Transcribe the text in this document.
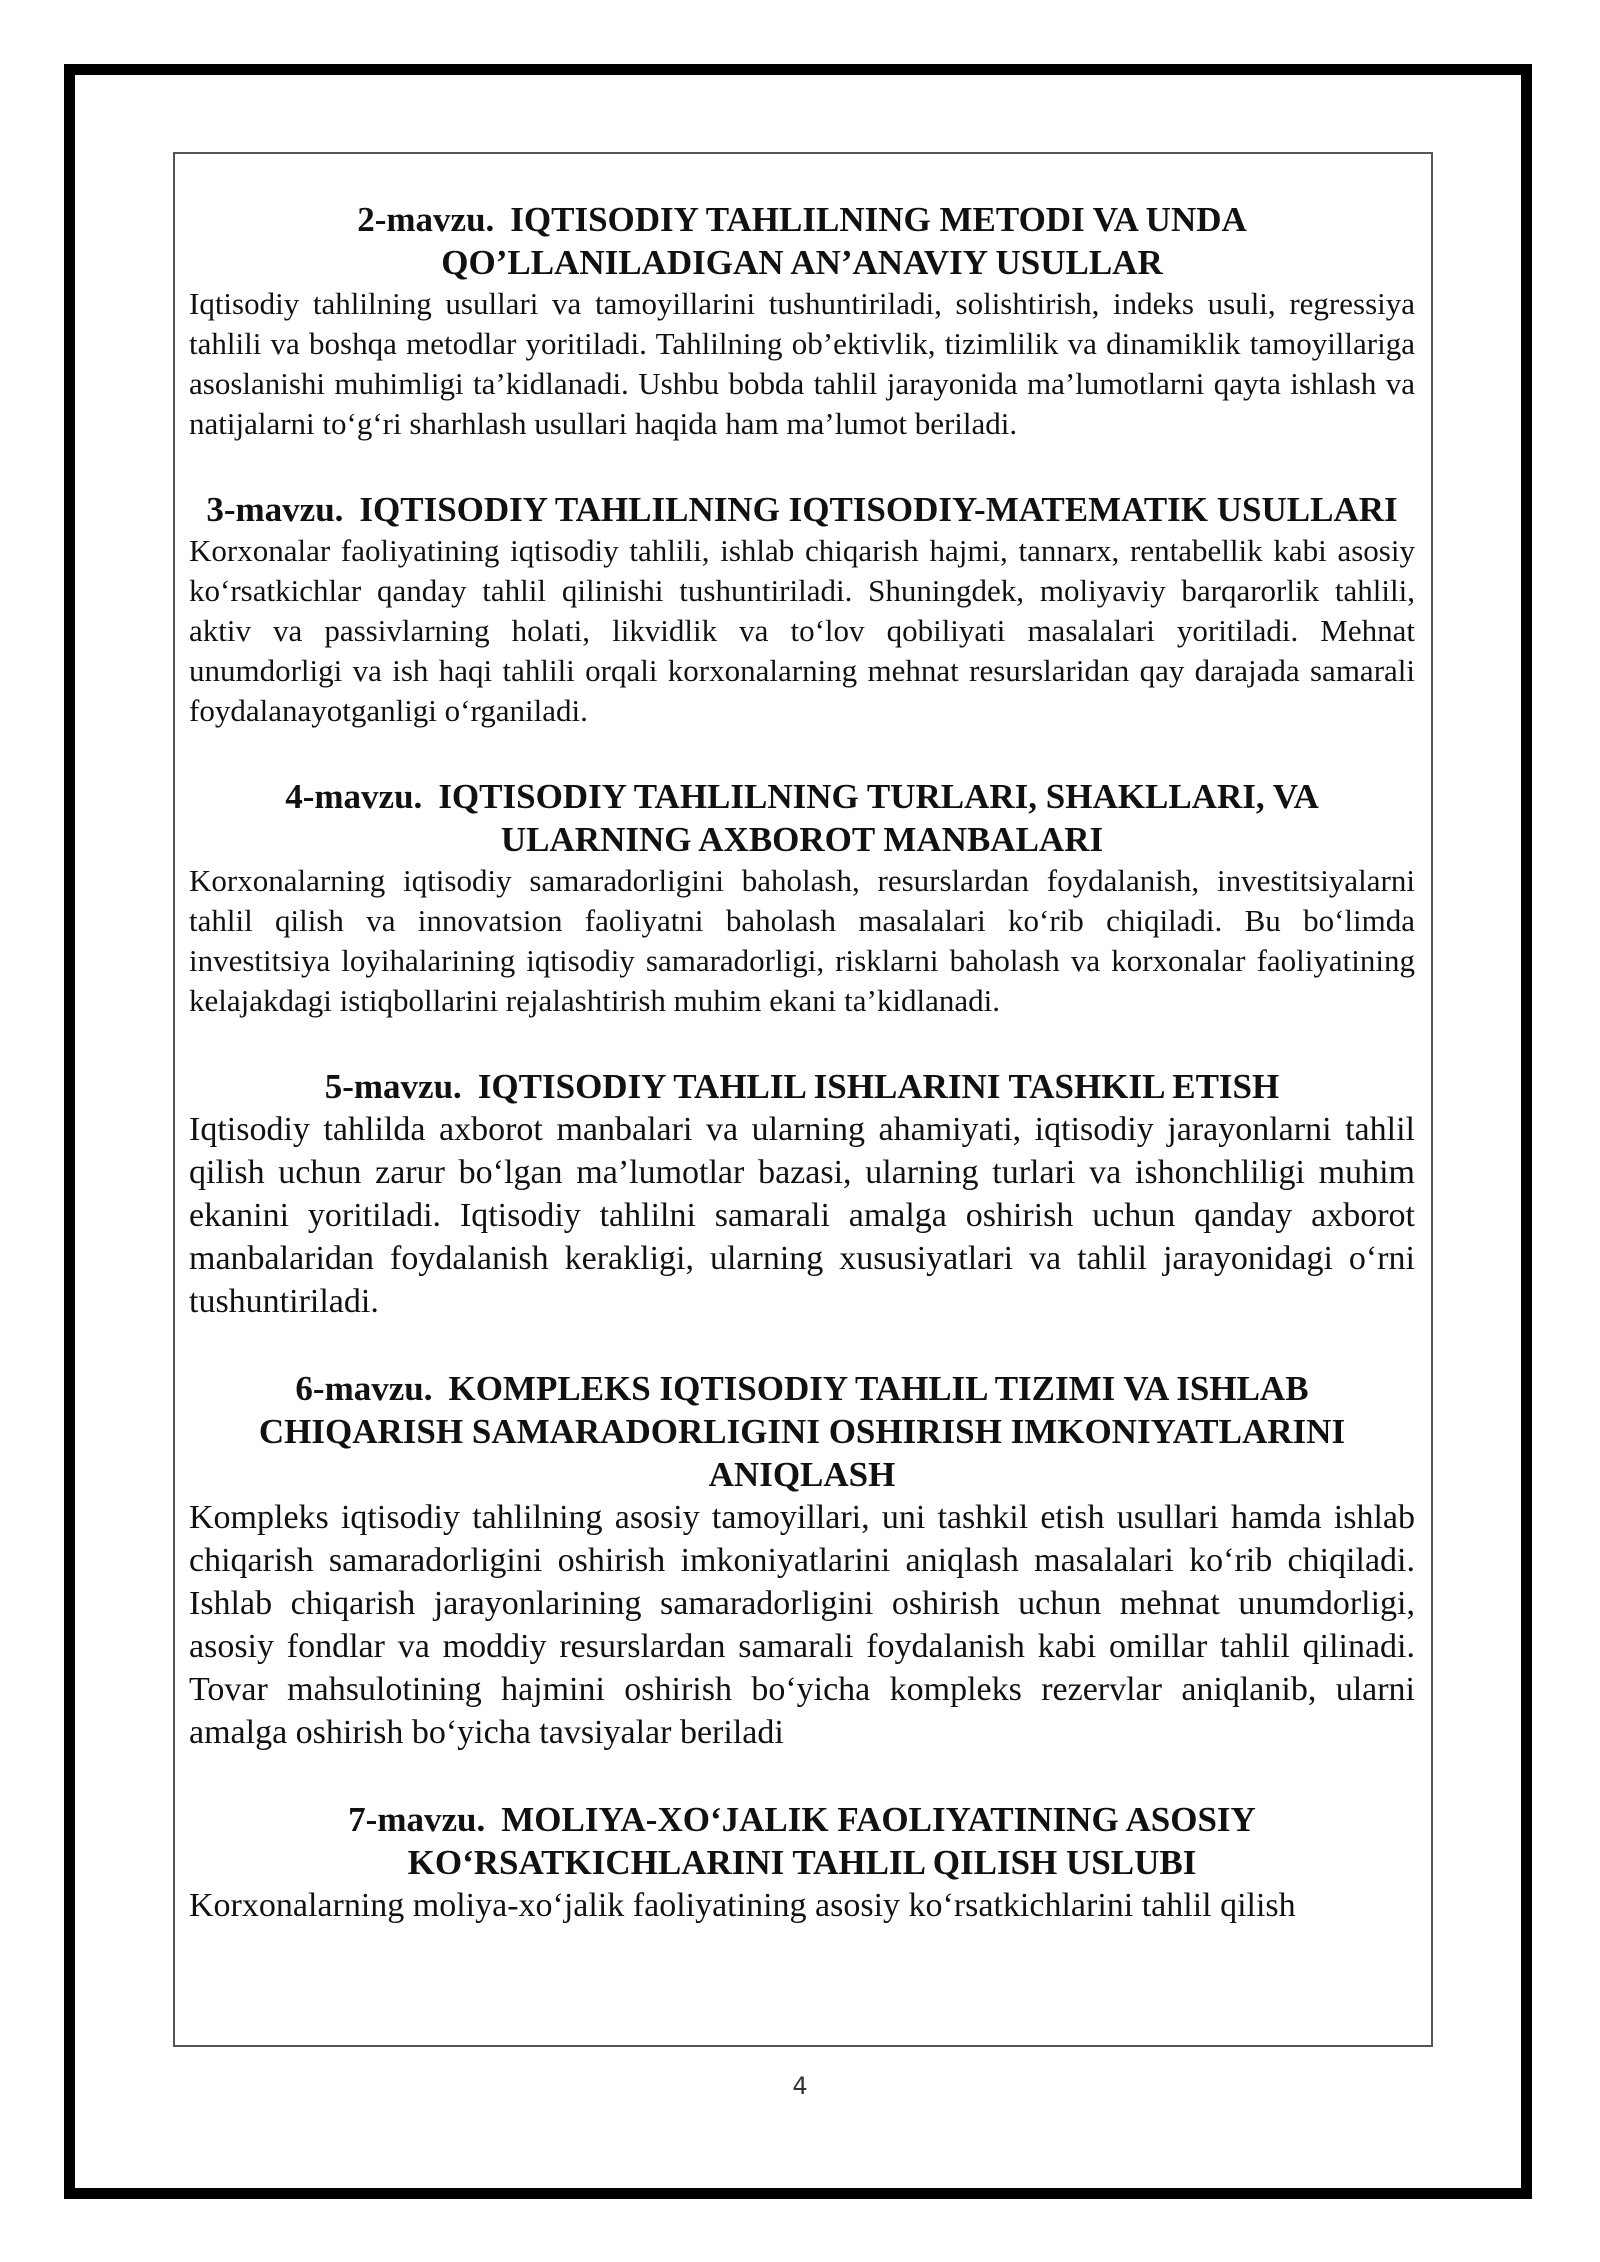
2-mavzu. IQTISODIY TAHLILNING METODI VA UNDA QO’LLANILADIGAN AN’ANAVIY USULLAR

Iqtisodiy tahlilning usullari va tamoyillarini tushuntiriladi, solishtirish, indeks usuli, regressiya tahlili va boshqa metodlar yoritiladi. Tahlilning ob’ektivlik, tizimlilik va dinamiklik tamoyillariga asoslanishi muhimligi ta’kidlanadi. Ushbu bobda tahlil jarayonida ma’lumotlarni qayta ishlash va natijalarni to‘g‘ri sharhlash usullari haqida ham ma’lumot beriladi.

3-mavzu. IQTISODIY TAHLILNING IQTISODIY-MATEMATIK USULLARI

Korxonalar faoliyatining iqtisodiy tahlili, ishlab chiqarish hajmi, tannarx, rentabellik kabi asosiy ko‘rsatkichlar qanday tahlil qilinishi tushuntiriladi. Shuningdek, moliyaviy barqarorlik tahlili, aktiv va passivlarning holati, likvidlik va to‘lov qobiliyati masalalari yoritiladi. Mehnat unumdorligi va ish haqi tahlili orqali korxonalarning mehnat resurslaridan qay darajada samarali foydalanayotganligi o‘rganiladi.

4-mavzu. IQTISODIY TAHLILNING TURLARI, SHAKLLARI, VA ULARNING AXBOROT MANBALARI

Korxonalarning iqtisodiy samaradorligini baholash, resurslardan foydalanish, investitsiyalarni tahlil qilish va innovatsion faoliyatni baholash masalalari ko‘rib chiqiladi. Bu bo‘limda investitsiya loyihalarining iqtisodiy samaradorligi, risklarni baholash va korxonalar faoliyatining kelajakdagi istiqbollarini rejalashtirish muhim ekani ta’kidlanadi.

5-mavzu. IQTISODIY TAHLIL ISHLARINI TASHKIL ETISH

Iqtisodiy tahlilda axborot manbalari va ularning ahamiyati, iqtisodiy jarayonlarni tahlil qilish uchun zarur bo‘lgan ma’lumotlar bazasi, ularning turlari va ishonchliligi muhim ekanini yoritiladi. Iqtisodiy tahlilni samarali amalga oshirish uchun qanday axborot manbalaridan foydalanish kerakligi, ularning xususiyatlari va tahlil jarayonidagi o‘rni tushuntiriladi.

6-mavzu. KOMPLEKS IQTISODIY TAHLIL TIZIMI VA ISHLAB CHIQARISH SAMARADORLIGINI OSHIRISH IMKONIYATLARINI ANIQLASH

Kompleks iqtisodiy tahlilning asosiy tamoyillari, uni tashkil etish usullari hamda ishlab chiqarish samaradorligini oshirish imkoniyatlarini aniqlash masalalari ko‘rib chiqiladi. Ishlab chiqarish jarayonlarining samaradorligini oshirish uchun mehnat unumdorligi, asosiy fondlar va moddiy resurslardan samarali foydalanish kabi omillar tahlil qilinadi. Tovar mahsulotining hajmini oshirish bo‘yicha kompleks rezervlar aniqlanib, ularni amalga oshirish bo‘yicha tavsiyalar beriladi

7-mavzu. MOLIYA-XO‘JALIK FAOLIYATINING ASOSIY KO‘RSATKICHLARINI TAHLIL QILISH USLUBI

Korxonalarning moliya-xo‘jalik faoliyatining asosiy ko‘rsatkichlarini tahlil qilish

4
